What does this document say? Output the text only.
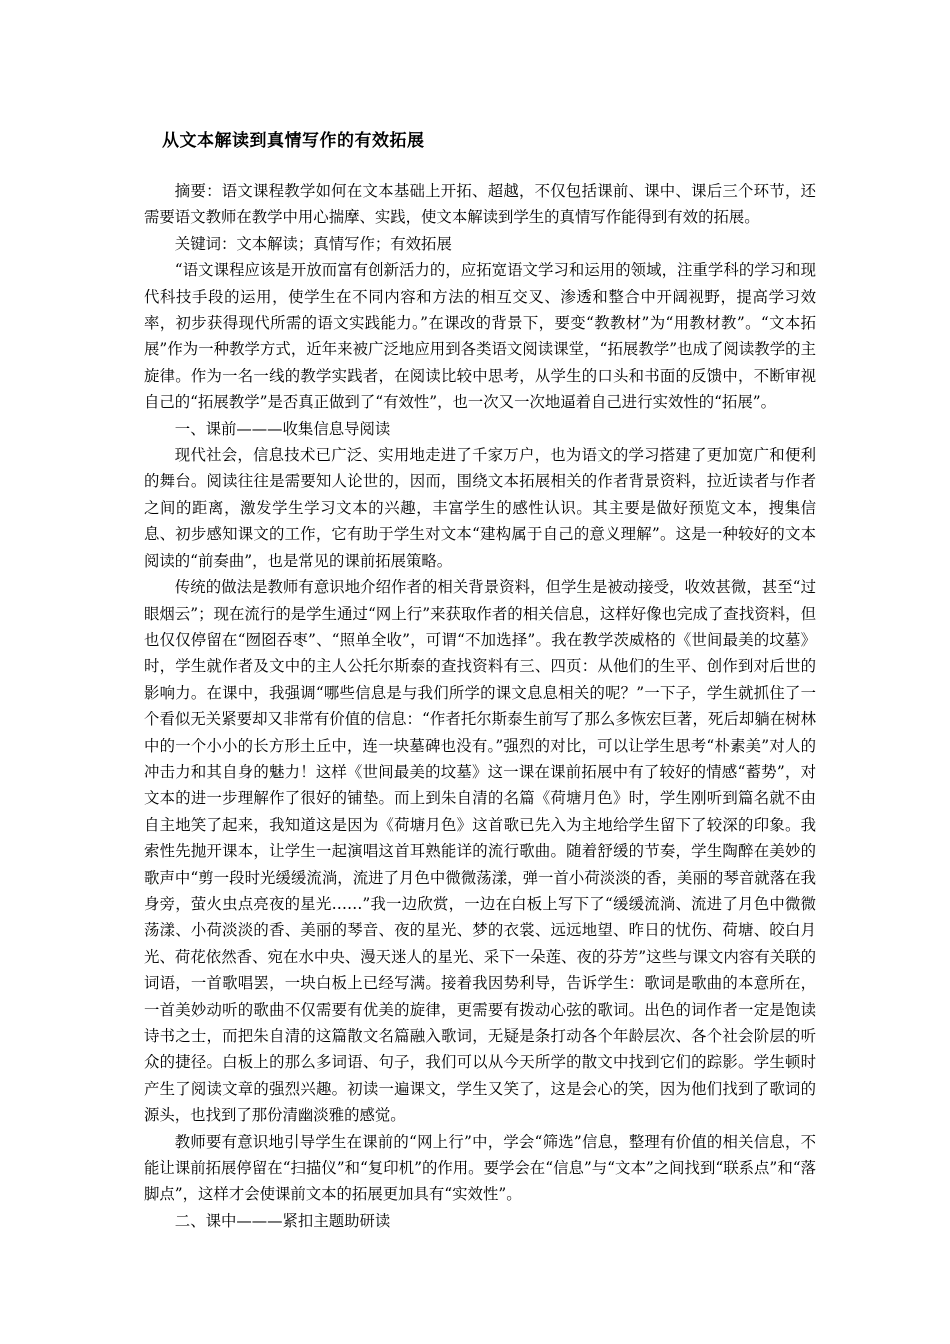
从文本解读到真情写作的有效拓展

摘要：语文课程教学如何在文本基础上开拓、超越，不仅包括课前、课中、课后三个环节，还需要语文教师在教学中用心揣摩、实践，使文本解读到学生的真情写作能得到有效的拓展。

关键词：文本解读；真情写作；有效拓展

“语文课程应该是开放而富有创新活力的，应拓宽语文学习和运用的领域，注重学科的学习和现代科技手段的运用，使学生在不同内容和方法的相互交叉、渗透和整合中开阔视野，提高学习效率，初步获得现代所需的语文实践能力。”在课改的背景下，要变“教教材”为“用教材教”。“文本拓展”作为一种教学方式，近年来被广泛地应用到各类语文阅读课堂，“拓展教学”也成了阅读教学的主旋律。作为一名一线的教学实践者，在阅读比较中思考，从学生的口头和书面的反馈中，不断审视自己的“拓展教学”是否真正做到了“有效性”，也一次又一次地逼着自己进行实效性的“拓展”。

一、课前———收集信息导阅读

现代社会，信息技术已广泛、实用地走进了千家万户，也为语文的学习搭建了更加宽广和便利的舞台。阅读往往是需要知人论世的，因而，围绕文本拓展相关的作者背景资料，拉近读者与作者之间的距离，激发学生学习文本的兴趣，丰富学生的感性认识。其主要是做好预览文本，搜集信息、初步感知课文的工作，它有助于学生对文本“建构属于自己的意义理解”。这是一种较好的文本阅读的“前奏曲”，也是常见的课前拓展策略。

传统的做法是教师有意识地介绍作者的相关背景资料，但学生是被动接受，收效甚微，甚至“过眼烟云”；现在流行的是学生通过“网上行”来获取作者的相关信息，这样好像也完成了查找资料，但也仅仅停留在“囫囵吞枣”、“照单全收”，可谓“不加选择”。我在教学茨威格的《世间最美的坟墓》时，学生就作者及文中的主人公托尔斯泰的查找资料有三、四页：从他们的生平、创作到对后世的影响力。在课中，我强调“哪些信息是与我们所学的课文息息相关的呢？”一下子，学生就抓住了一个看似无关紧要却又非常有价值的信息：“作者托尔斯泰生前写了那么多恢宏巨著，死后却躺在树林中的一个小小的长方形土丘中，连一块墓碑也没有。”强烈的对比，可以让学生思考“朴素美”对人的冲击力和其自身的魅力！这样《世间最美的坟墓》这一课在课前拓展中有了较好的情感“蓄势”，对文本的进一步理解作了很好的铺垫。而上到朱自清的名篇《荷塘月色》时，学生刚听到篇名就不由自主地笑了起来，我知道这是因为《荷塘月色》这首歌已先入为主地给学生留下了较深的印象。我索性先抛开课本，让学生一起演唱这首耳熟能详的流行歌曲。随着舒缓的节奏，学生陶醉在美妙的歌声中“剪一段时光缓缓流淌，流进了月色中微微荡漾，弹一首小荷淡淡的香，美丽的琴音就落在我身旁，萤火虫点亮夜的星光……”我一边欣赏，一边在白板上写下了“缓缓流淌、流进了月色中微微荡漾、小荷淡淡的香、美丽的琴音、夜的星光、梦的衣裳、远远地望、昨日的忧伤、荷塘、皎白月光、荷花依然香、宛在水中央、漫天迷人的星光、采下一朵莲、夜的芬芳”这些与课文内容有关联的词语，一首歌唱罢，一块白板上已经写满。接着我因势利导，告诉学生：歌词是歌曲的本意所在，一首美妙动听的歌曲不仅需要有优美的旋律，更需要有拨动心弦的歌词。出色的词作者一定是饱读诗书之士，而把朱自清的这篇散文名篇融入歌词，无疑是条打动各个年龄层次、各个社会阶层的听众的捷径。白板上的那么多词语、句子，我们可以从今天所学的散文中找到它们的踪影。学生顿时产生了阅读文章的强烈兴趣。初读一遍课文，学生又笑了，这是会心的笑，因为他们找到了歌词的源头，也找到了那份清幽淡雅的感觉。

教师要有意识地引导学生在课前的“网上行”中，学会“筛选”信息，整理有价值的相关信息，不能让课前拓展停留在“扫描仪”和“复印机”的作用。要学会在“信息”与“文本”之间找到“联系点”和“落脚点”，这样才会使课前文本的拓展更加具有“实效性”。

二、课中———紧扣主题助研读
